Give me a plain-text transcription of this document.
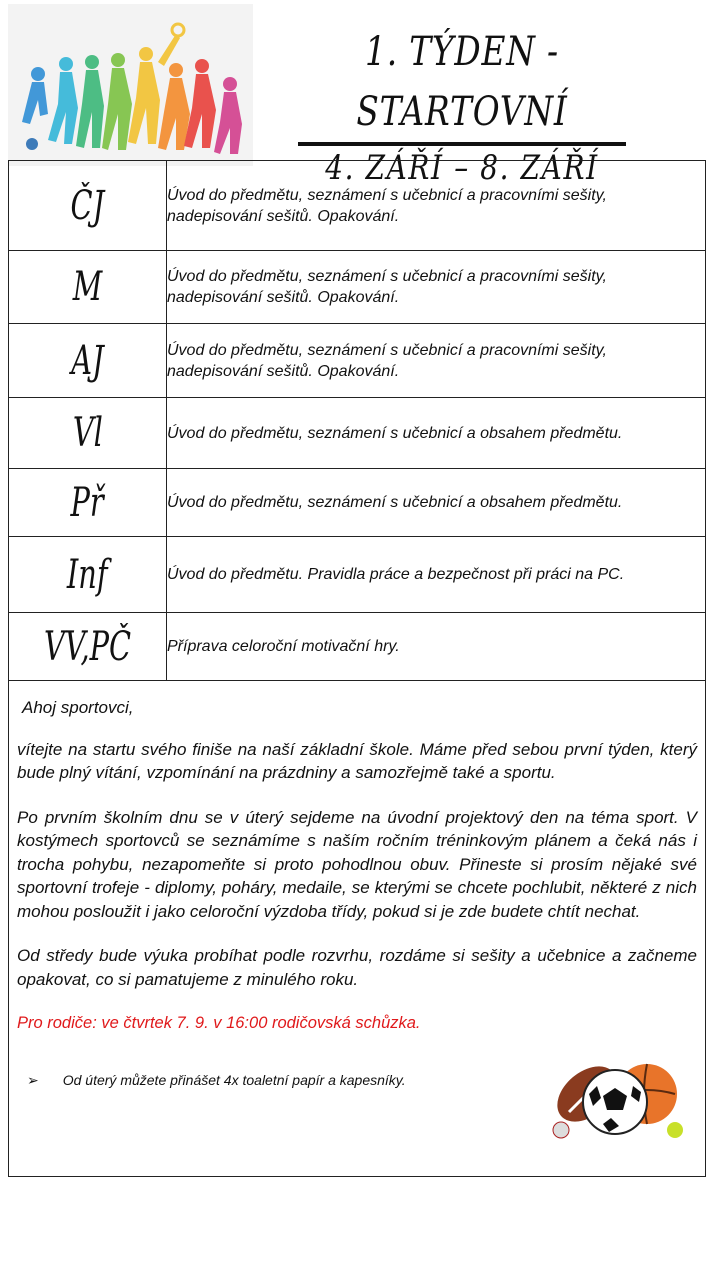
1. TÝDEN - STARTOVNÍ
4. ZÁŘÍ – 8. ZÁŘÍ
ČJ	Úvod do předmětu, seznámení s učebnicí a pracovními sešity, nadepisování sešitů. Opakování.
M	Úvod do předmětu, seznámení s učebnicí a pracovními sešity, nadepisování sešitů. Opakování.
AJ	Úvod do předmětu, seznámení s učebnicí a pracovními sešity, nadepisování sešitů. Opakování.
Vl	Úvod do předmětu, seznámení s učebnicí a obsahem předmětu.
Př	Úvod do předmětu, seznámení s učebnicí a obsahem předmětu.
Inf	Úvod do předmětu. Pravidla práce a bezpečnost při práci na PC.
VV,PČ	Příprava celoroční motivační hry.

Ahoj sportovci,

vítejte na startu svého finiše na naší základní škole. Máme před sebou první týden, který bude plný vítání, vzpomínání na prázdniny a samozřejmě také a sportu.

Po prvním školním dnu se v úterý sejdeme na úvodní projektový den na téma sport. V kostýmech sportovců se seznámíme s naším ročním tréninkovým plánem a čeká nás i trocha pohybu, nezapomeňte si proto pohodlnou obuv. Přineste si prosím nějaké své sportovní trofeje - diplomy, poháry, medaile, se kterými se chcete pochlubit, některé z nich mohou posloužit i jako celoroční výzdoba třídy, pokud si je zde budete chtít nechat.

Od středy bude výuka probíhat podle rozvrhu, rozdáme si sešity a učebnice a začneme opakovat, co si pamatujeme z minulého roku.

Pro rodiče: ve čtvrtek 7. 9. v 16:00 rodičovská schůzka.

➢ Od úterý můžete přinášet 4x toaletní papír a kapesníky.
